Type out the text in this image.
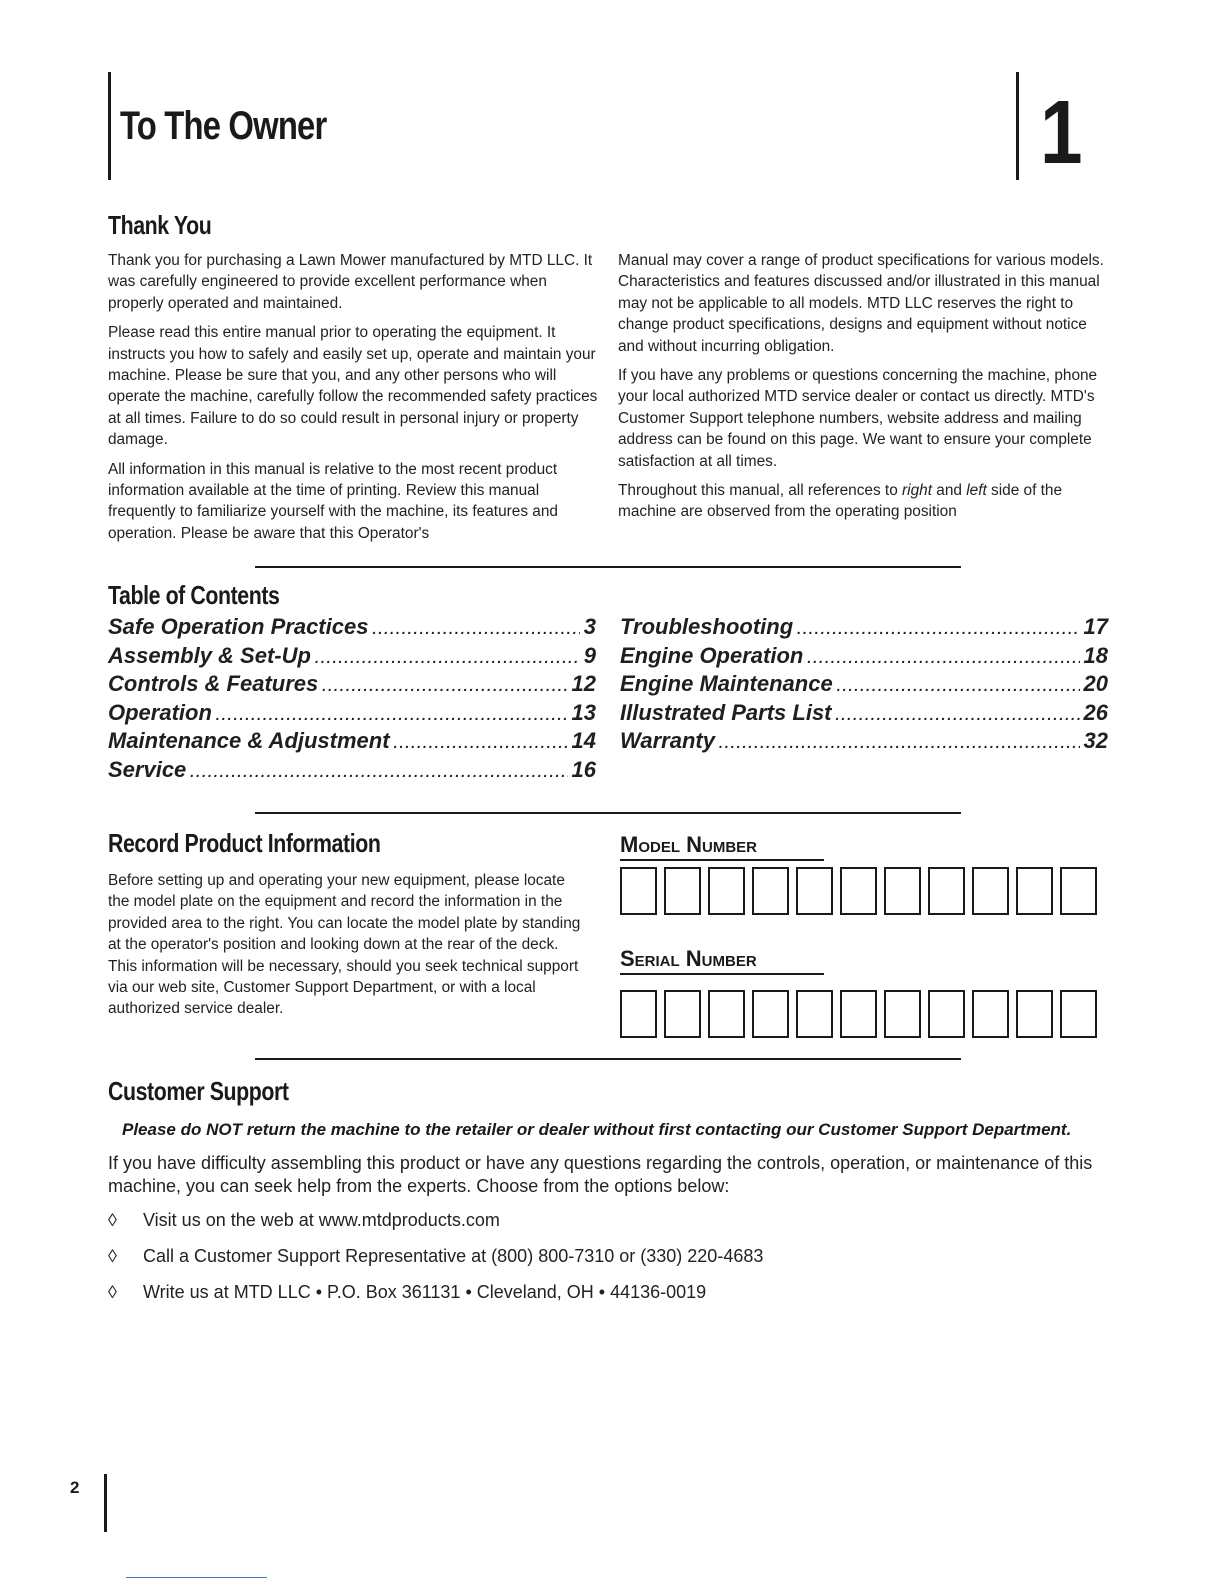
To The Owner	1
Thank You

Thank you for purchasing a Lawn Mower manufactured by MTD LLC. It was carefully engineered to provide excellent performance when properly operated and maintained.

Please read this entire manual prior to operating the equipment. It instructs you how to safely and easily set up, operate and maintain your machine. Please be sure that you, and any other persons who will operate the machine, carefully follow the recommended safety practices at all times. Failure to do so could result in personal injury or property damage.

All information in this manual is relative to the most recent product information available at the time of printing. Review this manual frequently to familiarize yourself with the machine, its features and operation. Please be aware that this Operator's

Manual may cover a range of product specifications for various models. Characteristics and features discussed and/or illustrated in this manual may not be applicable to all models. MTD LLC reserves the right to change product specifications, designs and equipment without notice and without incurring obligation.

If you have any problems or questions concerning the machine, phone your local authorized MTD service dealer or contact us directly. MTD's Customer Support telephone numbers, website address and mailing address can be found on this page. We want to ensure your complete satisfaction at all times.

Throughout this manual, all references to right and left side of the machine are observed from the operating position

Table of Contents
Safe Operation Practices .....	3
Assembly & Set-Up .....	9
Controls & Features .....	12
Operation .....	13
Maintenance & Adjustment .....	14
Service .....	16
Troubleshooting .....	17
Engine Operation .....	18
Engine Maintenance .....	20
Illustrated Parts List .....	26
Warranty .....	32
Record Product Information
Before setting up and operating your new equipment, please locate the model plate on the equipment and record the information in the provided area to the right. You can locate the model plate by standing at the operator's position and looking down at the rear of the deck. This information will be necessary, should you seek technical support via our web site, Customer Support Department, or with a local authorized service dealer.
Model Number
Serial Number
Customer Support
Please do NOT return the machine to the retailer or dealer without first contacting our Customer Support Department.
If you have difficulty assembling this product or have any questions regarding the controls, operation, or maintenance of this machine, you can seek help from the experts. Choose from the options below:
◊	Visit us on the web at www.mtdproducts.com
◊	Call a Customer Support Representative at (800) 800-7310 or (330) 220-4683
◊	Write us at MTD LLC • P.O. Box 361131 • Cleveland, OH • 44136-0019
2
